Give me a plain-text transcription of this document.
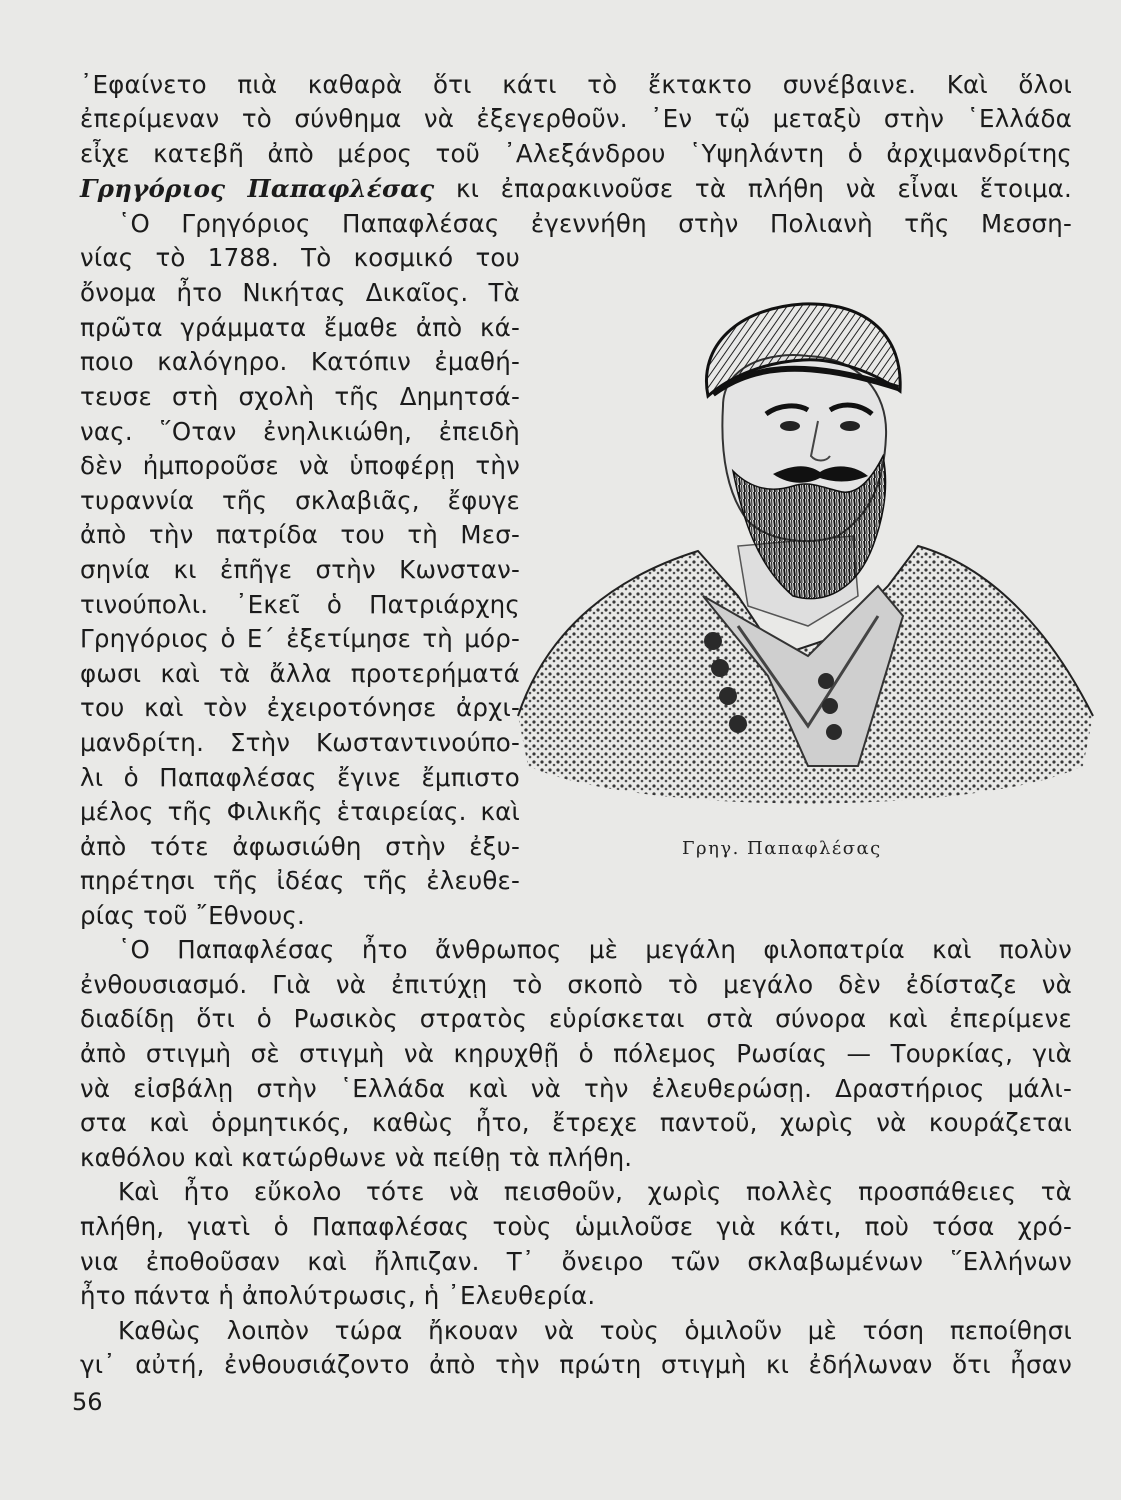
᾽Εφαίνετο πιὰ καθαρὰ ὅτι κάτι τὸ ἔκτακτο συνέβαινε. Καὶ ὅλοι
ἐπερίμεναν τὸ σύνθημα νὰ ἐξεγερθοῦν. ᾽Εν τῷ μεταξὺ στὴν ῾Ελλάδα
εἶχε κατεβῆ ἀπὸ μέρος τοῦ ᾽Αλεξάνδρου ῾Υψηλάντη ὁ ἀρχιμανδρίτης
Γρηγόριος Παπαφλέσας κι ἐπαρακινοῦσε τὰ πλήθη νὰ εἶναι ἕτοιμα.
῾Ο Γρηγόριος Παπαφλέσας ἐγεννήθη στὴν Πολιανὴ τῆς Μεσση-
νίας τὸ 1788. Τὸ κοσμικό του
ὄνομα ἦτο Νικήτας Δικαῖος. Τὰ
πρῶτα γράμματα ἔμαθε ἀπὸ κά-
ποιο καλόγηρο. Κατόπιν ἐμαθή-
τευσε στὴ σχολὴ τῆς Δημητσά-
νας. ῞Οταν ἐνηλικιώθη, ἐπειδὴ
δὲν ἠμποροῦσε νὰ ὑποφέρῃ τὴν
τυραννία τῆς σκλαβιᾶς, ἔφυγε
ἀπὸ τὴν πατρίδα του τὴ Μεσ-
σηνία κι ἐπῆγε στὴν Κωνσταν-
τινούπολι. ᾽Εκεῖ ὁ Πατριάρχης
Γρηγόριος ὁ Ε΄ ἐξετίμησε τὴ μόρ-
φωσι καὶ τὰ ἄλλα προτερήματά
του καὶ τὸν ἐχειροτόνησε ἀρχι-
μανδρίτη. Στὴν Κωσταντινούπο-
λι ὁ Παπαφλέσας ἔγινε ἔμπιστο
μέλος τῆς Φιλικῆς ἑταιρείας. καὶ
ἀπὸ τότε ἀφωσιώθη στὴν ἐξυ-
πηρέτησι τῆς ἰδέας τῆς ἐλευθε-
ρίας τοῦ ῎Εθνους.
῾Ο Παπαφλέσας ἦτο ἄνθρωπος μὲ μεγάλη φιλοπατρία καὶ πολὺν
ἐνθουσιασμό. Γιὰ νὰ ἐπιτύχῃ τὸ σκοπὸ τὸ μεγάλο δὲν ἐδίσταζε νὰ
διαδίδῃ ὅτι ὁ Ρωσικὸς στρατὸς εὑρίσκεται στὰ σύνορα καὶ ἐπερίμενε
ἀπὸ στιγμὴ σὲ στιγμὴ νὰ κηρυχθῇ ὁ πόλεμος Ρωσίας — Τουρκίας, γιὰ
νὰ εἰσβάλῃ στὴν ῾Ελλάδα καὶ νὰ τὴν ἐλευθερώσῃ. Δραστήριος μάλι-
στα καὶ ὁρμητικός, καθὼς ἦτο, ἔτρεχε παντοῦ, χωρὶς νὰ κουράζεται
καθόλου καὶ κατώρθωνε νὰ πείθῃ τὰ πλήθη.
Καὶ ἦτο εὔκολο τότε νὰ πεισθοῦν, χωρὶς πολλὲς προσπάθειες τὰ
πλήθη, γιατὶ ὁ Παπαφλέσας τοὺς ὡμιλοῦσε γιὰ κάτι, ποὺ τόσα χρό-
νια ἐποθοῦσαν καὶ ἤλπιζαν. Τ᾽ ὄνειρο τῶν σκλαβωμένων ῞Ελλήνων
ἦτο πάντα ἡ ἀπολύτρωσις, ἡ ᾽Ελευθερία.
Καθὼς λοιπὸν τώρα ἤκουαν νὰ τοὺς ὁμιλοῦν μὲ τόση πεποίθησι
γι᾽ αὐτή, ἐνθουσιάζοντο ἀπὸ τὴν πρώτη στιγμὴ κι ἐδήλωναν ὅτι ἦσαν
Γρηγ. Παπαφλέσας
56
